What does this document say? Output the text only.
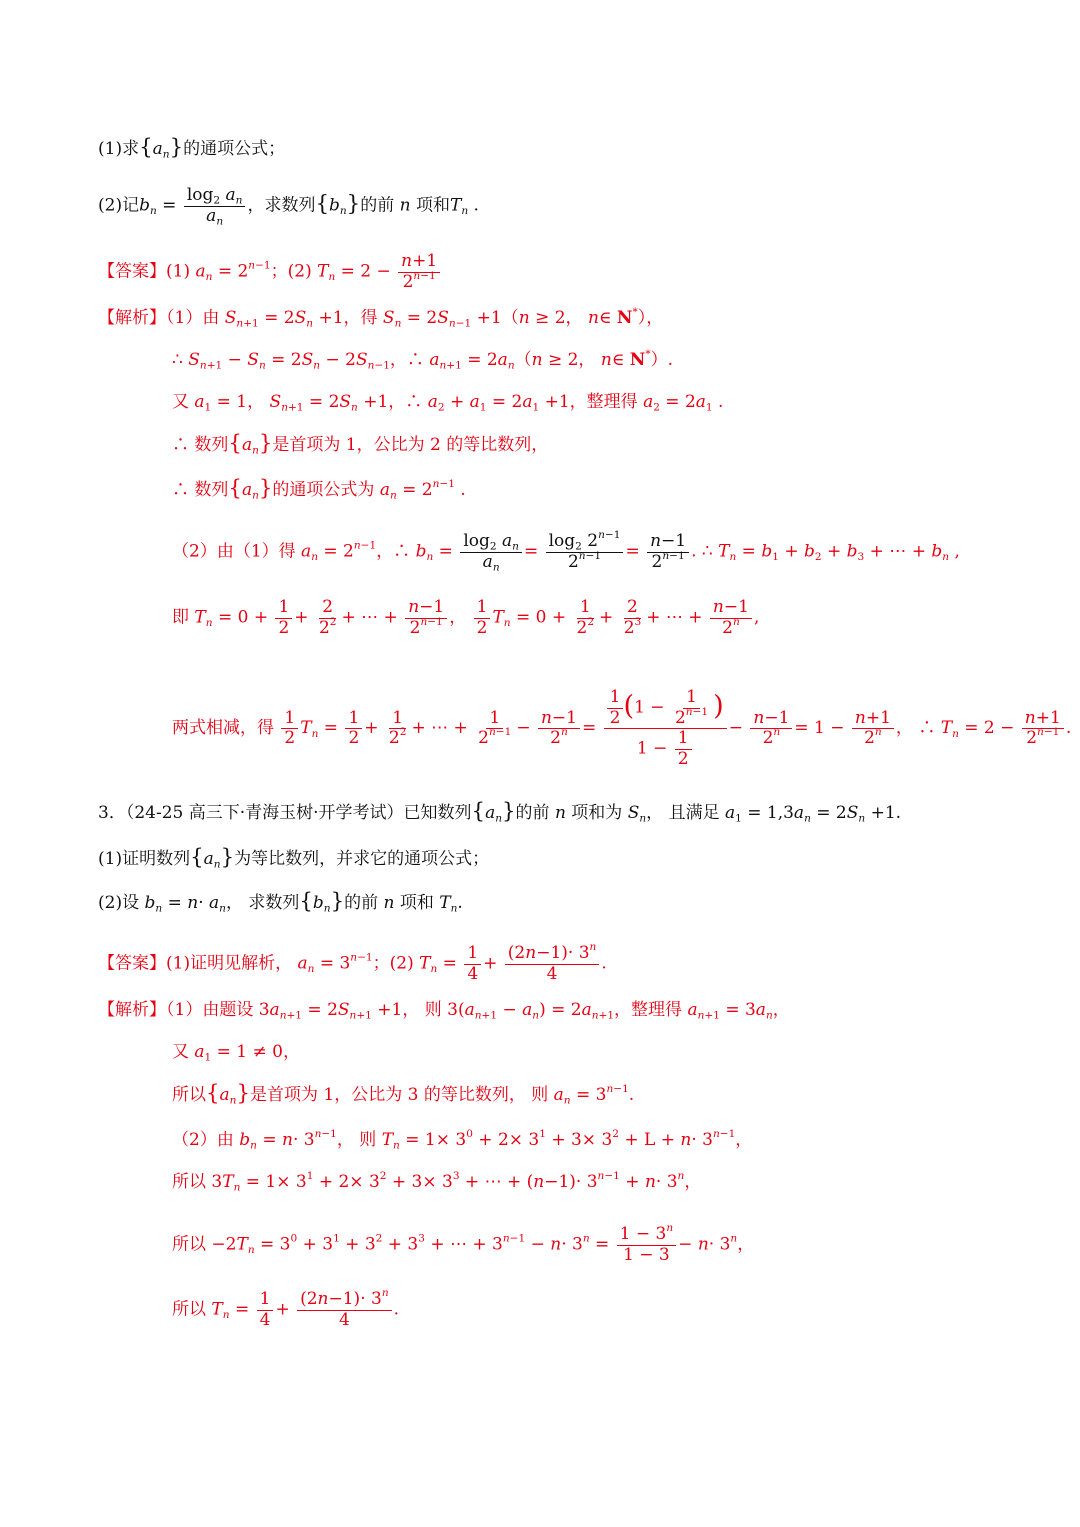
(1)求$\{a_n\}$的通项公式；
(2)记$b_n = \frac{\log_2 a_n}{a_n}$ ，求数列$\{b_n\}$的前 n 项和$T_n$ .
【答案】(1) $a_n = 2^{n-1}$；(2) $T_n = 2 - \frac{n+1}{2^{n-1}}$
【解析】（1）由 $S_{n+1} = 2S_n +1$，得 $S_n = 2S_{n-1} +1(n \ge 2$， n∈ N*），
∴ $S_{n+1} - S_n = 2S_n - 2S_{n-1}$，∴ $a_{n+1} = 2a_n(n \ge 2$， n∈ N*）.
又 $a_1 = 1$， $S_{n+1} = 2S_n +1$，∴ $a_2 + a_1 = 2a_1 +1$，整理得 $a_2 = 2a_1$ .
∴ 数列$\{a_n\}$是首项为 1，公比为 2 的等比数列，
∴ 数列$\{a_n\}$的通项公式为 $a_n = 2^{n-1}$ .
（2）由（1）得 $a_n = 2^{n-1}$，∴ $b_n = \frac{\log_2 a_n}{a_n} = \frac{\log_2 2^{n-1}}{2^{n-1}} = \frac{n-1}{2^{n-1}}$ . ∴ $T_n = b_1 + b_2 + b_3$ + ⋯ + $b_n$ ,
即 $T_n = 0 + \frac{1}{2} + \frac{2}{2^2}$ + ⋯ + $\frac{n-1}{2^{n-1}}$ ， $\frac{1}{2} T_n = 0 + \frac{1}{2^2} + \frac{2}{2^3}$ + ⋯ + $\frac{n-1}{2^n}$ ,
两式相减，得 $\frac{1}{2} T_n = \frac{1}{2} + \frac{1}{2^2}$ + ⋯ + $\frac{1}{2^{n-1}} - \frac{n-1}{2^n} = \frac{\frac{1}{2} (1 - \frac{1}{2^{n-1}} )}{1 - \frac{1}{2}} - \frac{n-1}{2^n} = 1 - \frac{n+1}{2^n}$ ， ∴ $T_n = 2 - \frac{n+1}{2^{n-1}}$ .
3．（24-25 高三下·青海玉树·开学考试）已知数列$\{a_n\}$的前 n 项和为 $S_n$， 且满足 $a_1 = 1,3a_n = 2S_n +1$.
(1)证明数列$\{a_n\}$为等比数列，并求它的通项公式；
(2)设 $b_n = n\cdot a_n$， 求数列$\{b_n\}$的前 n 项和 $T_n$.
【答案】(1)证明见解析， $a_n = 3^{n-1}$；(2) $T_n = \frac{1}{4} + \frac{(2n-1)\cdot 3^n}{4}$ .
【解析】（1）由题设 $3a_{n+1} = 2S_{n+1} +1$， 则 $3(a_{n+1} - a_n) = 2a_{n+1}$，整理得 $a_{n+1} = 3a_n$，
又 $a_1 = 1 \ne 0$，
所以$\{a_n\}$是首项为 1，公比为 3 的等比数列， 则 $a_n = 3^{n-1}$.
（2）由 $b_n = n\cdot 3^{n-1}$， 则 $T_n = 1\times 3^0 + 2\times 3^1 + 3\times 3^2 + L + n\cdot 3^{n-1}$，
所以 $3T_n = 1\times 3^1 + 2\times 3^2 + 3\times 3^3$ + ⋯ + $(n-1)\cdot 3^{n-1} + n\cdot 3^n$，
所以 $-2T_n = 3^0 + 3^1 + 3^2 + 3^3$ + ⋯ + $3^{n-1} - n\cdot 3^n = \frac{1 - 3^n}{1 - 3} - n\cdot 3^n$，
所以 $T_n = \frac{1}{4} + \frac{(2n-1)\cdot 3^n}{4}$ .
